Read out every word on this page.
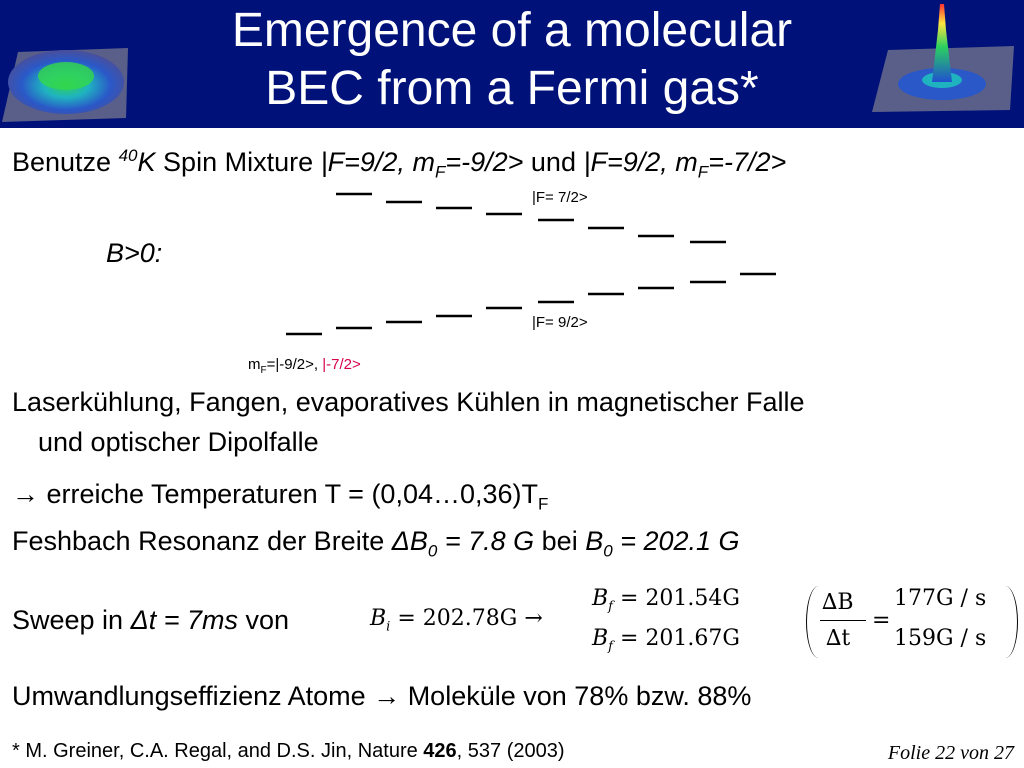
Emergence of a molecular
BEC from a Fermi gas*
Benutze $^{40}$K Spin Mixture |F=9/2, $m_F=-9/2>$ und |F=9/2, $m_F=-7/2>$
B>0:
|F= 7/2>
|F= 9/2>
$m_F=|-9/2>$, |-7/2>
Laserkühlung, Fangen, evaporatives Kühlen in magnetischer Falle
und optischer Dipolfalle
→ erreiche Temperaturen $T = (0,04\dots 0,36)T_F$
Feshbach Resonanz der Breite $\Delta B_0 = 7.8$ G bei $B_0 = 202.1$ G
Sweep in Δt = 7ms von	$B_i = 202.78G$ →
$B_f = 201.54G$
$B_f = 201.67G$
∆B
∆t
=
177G / s
159G / s
Umwandlungseffizienz Atome → Moleküle von 78% bzw. 88%
* M. Greiner, C.A. Regal, and D.S. Jin, Nature 426, 537 (2003)	Folie 22 von 27
